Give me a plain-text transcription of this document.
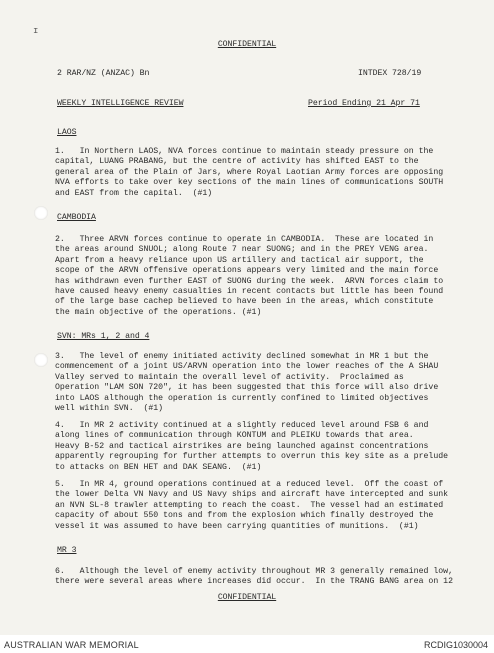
ɪ
CONFIDENTIAL
2 RAR/NZ (ANZAC) Bn	INTDEX 728/19
WEEKLY INTELLIGENCE REVIEW	Period Ending 21 Apr 71
LAOS
1.   In Northern LAOS, NVA forces continue to maintain steady pressure on the
capital, LUANG PRABANG, but the centre of activity has shifted EAST to the
general area of the Plain of Jars, where Royal Laotian Army forces are opposing
NVA efforts to take over key sections of the main lines of communications SOUTH
and EAST from the capital.  (#1)
CAMBODIA
2.   Three ARVN forces continue to operate in CAMBODIA.  These are located in
the areas around SNUOL; along Route 7 near SUONG; and in the PREY VENG area.
Apart from a heavy reliance upon US artillery and tactical air support, the
scope of the ARVN offensive operations appears very limited and the main force
has withdrawn even further EAST of SUONG during the week.  ARVN forces claim to
have caused heavy enemy casualties in recent contacts but little has been found
of the large base cachep believed to have been in the areas, which constitute
the main objective of the operations. (#1)
SVN: MRs 1, 2 and 4
3.   The level of enemy initiated activity declined somewhat in MR 1 but the
commencement of a joint US/ARVN operation into the lower reaches of the A SHAU
Valley served to maintain the overall level of activity.  Proclaimed as
Operation "LAM SON 720", it has been suggested that this force will also drive
into LAOS although the operation is currently confined to limited objectives
well within SVN.  (#1)
4.   In MR 2 activity continued at a slightly reduced level around FSB 6 and
along lines of communication through KONTUM and PLEIKU towards that area.
Heavy B-52 and tactical airstrikes are being launched against concentrations
apparently regrouping for further attempts to overrun this key site as a prelude
to attacks on BEN HET and DAK SEANG.  (#1)
5.   In MR 4, ground operations continued at a reduced level.  Off the coast of
the lower Delta VN Navy and US Navy ships and aircraft have intercepted and sunk
an NVN SL-8 trawler attempting to reach the coast.  The vessel had an estimated
capacity of about 550 tons and from the explosion which finally destroyed the
vessel it was assumed to have been carrying quantities of munitions.  (#1)
MR 3
6.   Although the level of enemy activity throughout MR 3 generally remained low,
there were several areas where increases did occur.  In the TRANG BANG area on 12
CONFIDENTIAL
AUSTRALIAN WAR MEMORIAL	RCDIG1030004
